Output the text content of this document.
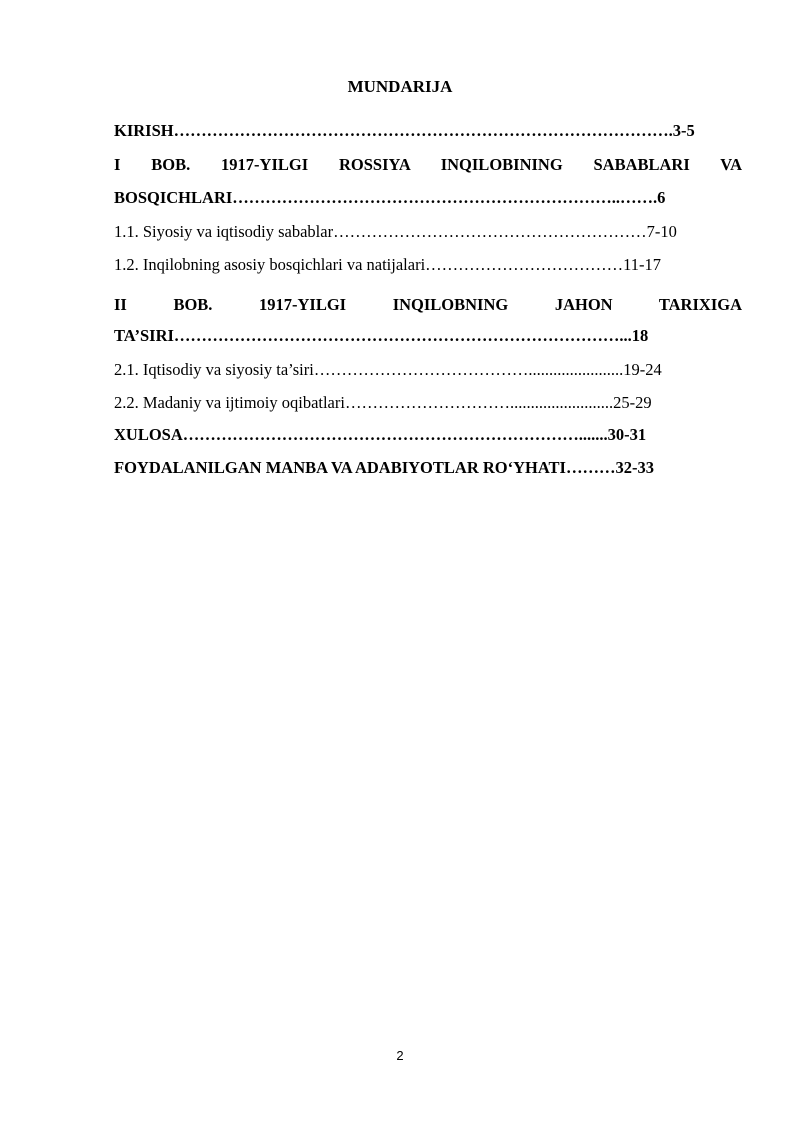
MUNDARIJA
KIRISH……………………………………………………………………………….3-5
I BOB. 1917-YILGI ROSSIYA INQILOBINING SABABLARI VA
BOSQICHLARI……………………………………………………………..…….6
1.1. Siyosiy va iqtisodiy sabablar…………………………………………………7-10
1.2. Inqilobning asosiy bosqichlari va natijalari………………………………11-17
II BOB. 1917-YILGI INQILOBNING JAHON TARIXIGA
TA’SIRI………………………………………………………………………...18
2.1. Iqtisodiy va siyosiy ta’siri………………………………….......................19-24
2.2. Madaniy va ijtimoiy oqibatlari………………………….........................25-29
XULOSA……………………………………………………………….......30-31
FOYDALANILGAN MANBA VA ADABIYOTLAR RO‘YHATI………32-33
2
